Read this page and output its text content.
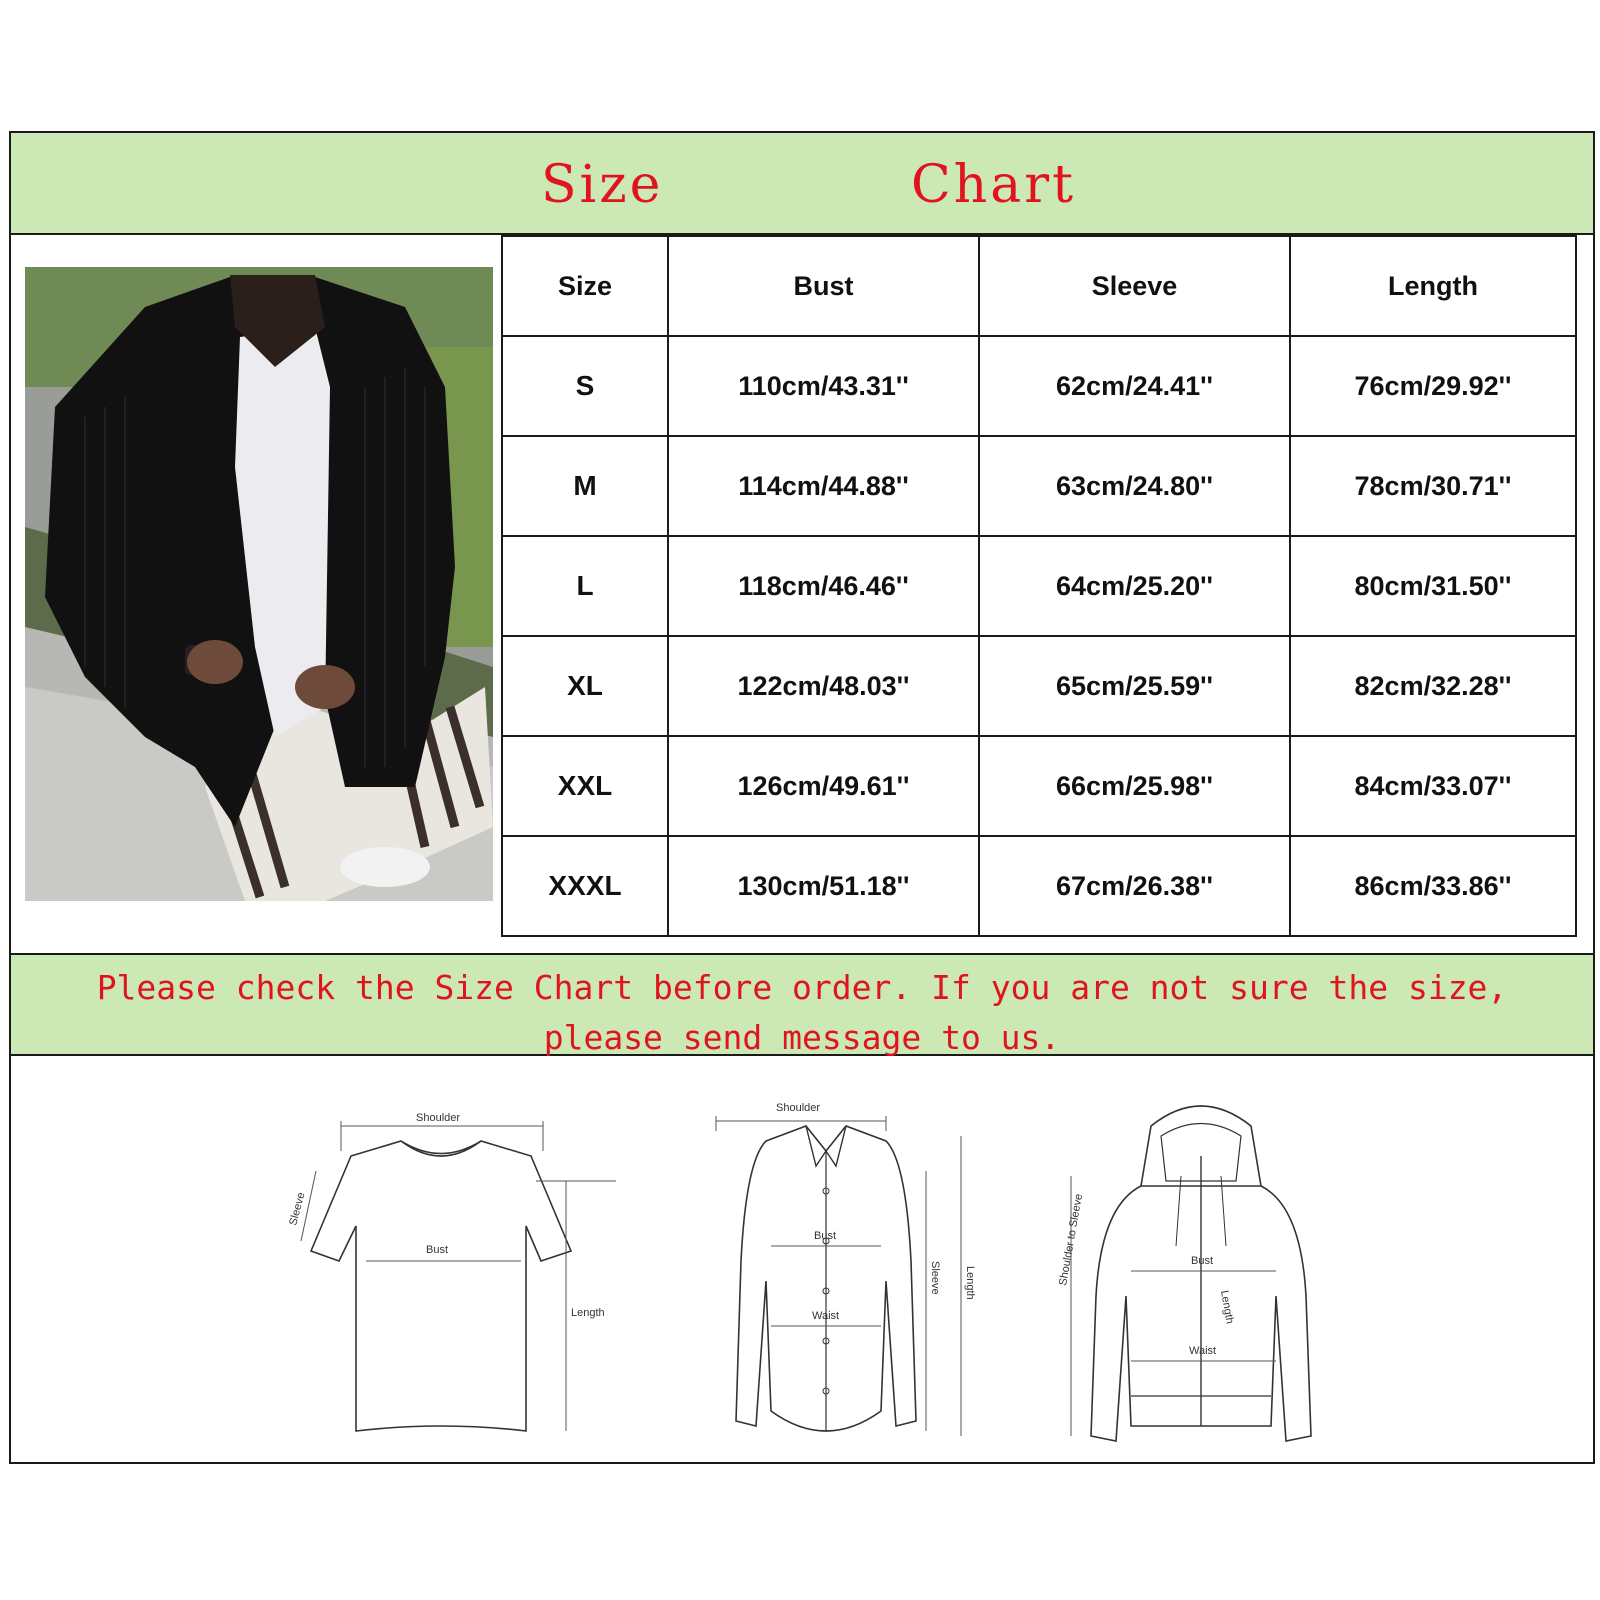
Size	Chart
Size	Bust	Sleeve	Length
S	110cm/43.31''	62cm/24.41''	76cm/29.92''
M	114cm/44.88''	63cm/24.80''	78cm/30.71''
L	118cm/46.46''	64cm/25.20''	80cm/31.50''
XL	122cm/48.03''	65cm/25.59''	82cm/32.28''
XXL	126cm/49.61''	66cm/25.98''	84cm/33.07''
XXXL	130cm/51.18''	67cm/26.38''	86cm/33.86''
Please check the Size Chart before order. If you are not sure the size,
please send message to us.
Shoulder
Sleeve
Bust
Length
Shoulder
Bust
Waist
Sleeve Length	Shoulder to Sleeve	Bust
Waist
Length
